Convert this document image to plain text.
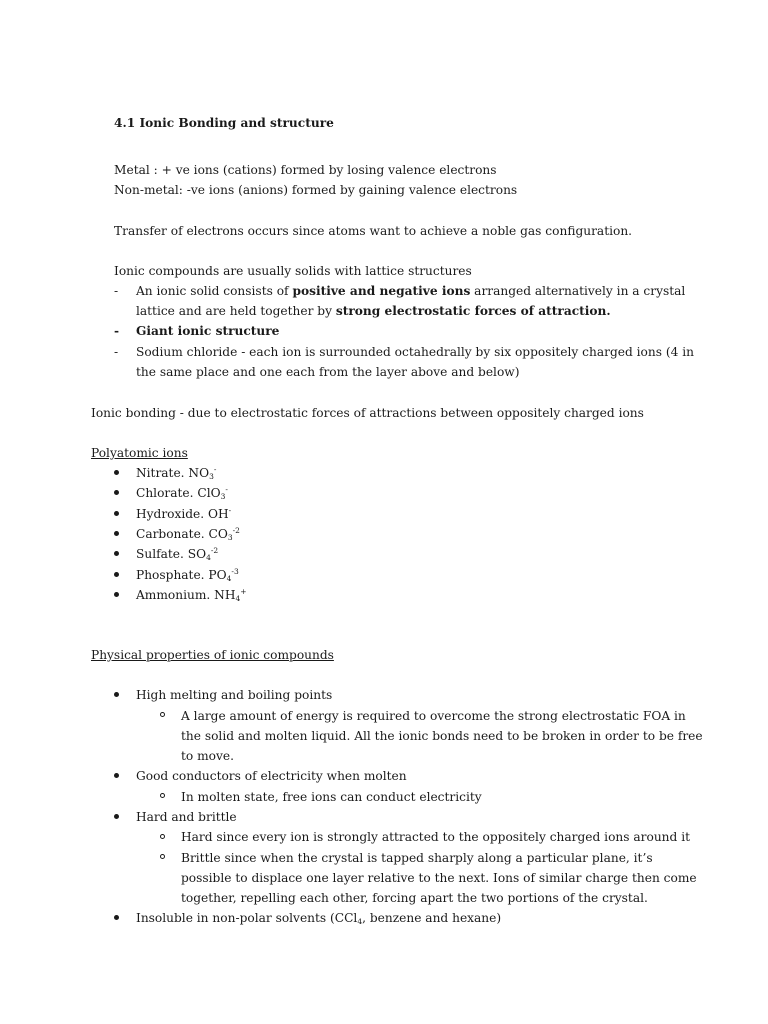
4.1 Ionic Bonding and structure
Metal : + ve ions (cations) formed by losing valence electrons
Non-metal: -ve ions (anions) formed by gaining valence electrons
Transfer of electrons occurs since atoms want to achieve a noble gas configuration.
Ionic compounds are usually solids with lattice structures
- An ionic solid consists of positive and negative ions arranged alternatively in a crystal
lattice and are held together by strong electrostatic forces of attraction.
- Giant ionic structure
- Sodium chloride - each ion is surrounded octahedrally by six oppositely charged ions (4 in
the same place and one each from the layer above and below)
Ionic bonding - due to electrostatic forces of attractions between oppositely charged ions
Polyatomic ions
Nitrate. $NO_3^-$
Chlorate. ClO$_3$-
Hydroxide. OH-
Carbonate. $CO_3^{-2}$
Sulfate. $SO_4^{-2}$
Phosphate. $PO_4^{-3}$
Ammonium. $NH_4^+$
Physical properties of ionic compounds
High melting and boiling points
A large amount of energy is required to overcome the strong electrostatic FOA in
the solid and molten liquid. All the ionic bonds need to be broken in order to be free
to move.
Good conductors of electricity when molten
In molten state, free ions can conduct electricity
Hard and brittle
Hard since every ion is strongly attracted to the oppositely charged ions around it
Brittle since when the crystal is tapped sharply along a particular plane, it’s
possible to displace one layer relative to the next. Ions of similar charge then come
together, repelling each other, forcing apart the two portions of the crystal.
Insoluble in non-polar solvents (CCl$_4$, benzene and hexane)
